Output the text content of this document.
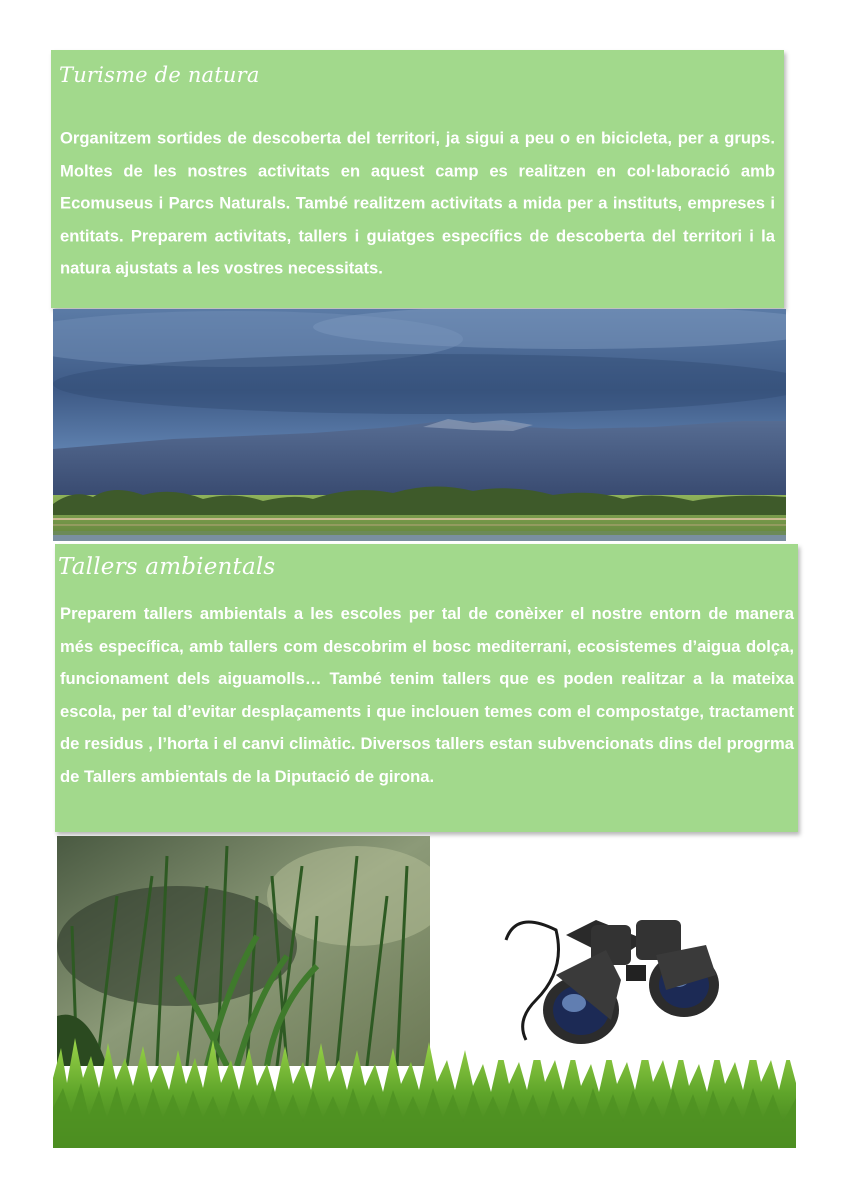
Turisme de natura

Organitzem sortides de descoberta del territori, ja sigui a peu o en bicicleta, per a grups. Moltes de les nostres activitats en aquest camp es realitzen en col·laboració amb Ecomuseus i Parcs Naturals. També realitzem activitats a mida per a instituts, empreses i entitats. Preparem activitats, tallers i guiatges específics de descoberta del territori i la natura ajustats a les vostres necessitats.

Tallers ambientals

Preparem tallers ambientals a les escoles per tal de conèixer el nostre entorn de manera més específica, amb tallers com descobrim el bosc mediterrani, ecosistemes d’aigua dolça, funcionament dels aiguamolls… També tenim tallers que es poden realitzar a la mateixa escola, per tal d’evitar desplaçaments i que inclouen temes com el compostatge, tractament de residus , l’horta i el canvi climàtic. Diversos tallers estan subvencionats dins del progrma de Tallers ambientals de la Diputació de girona.
